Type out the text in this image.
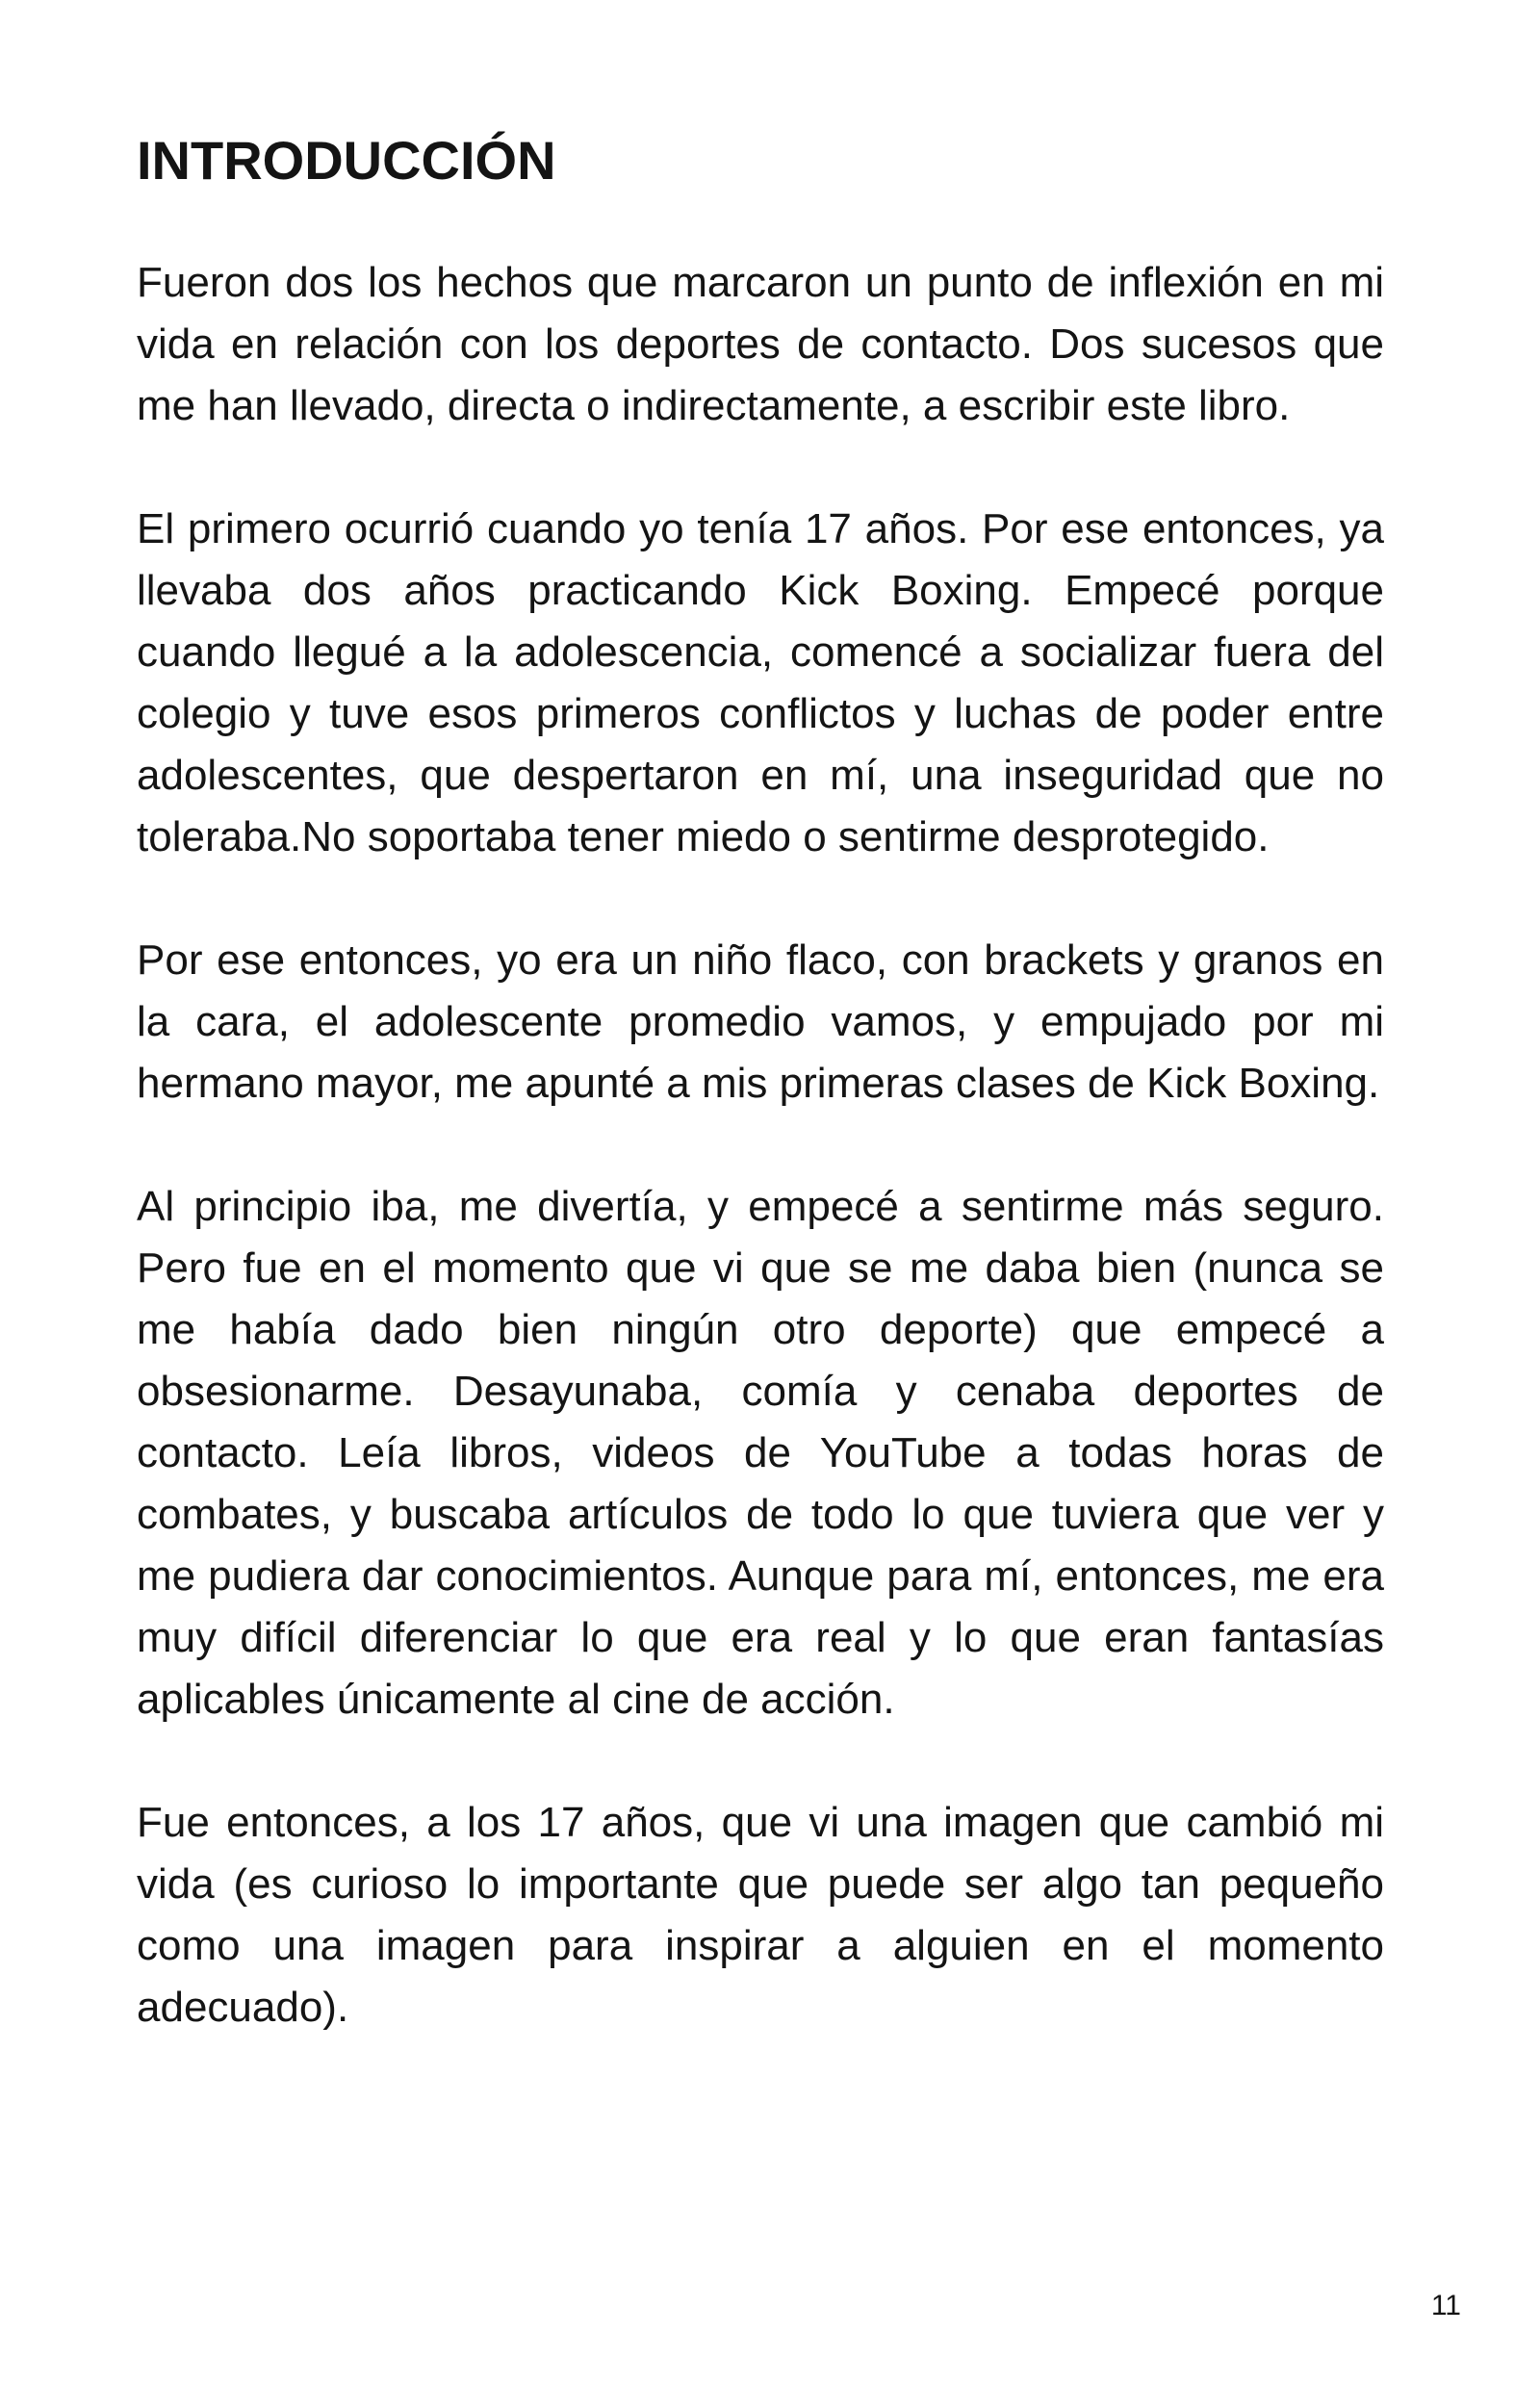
INTRODUCCIÓN

Fueron dos los hechos que marcaron un punto de inflexión en mi vida en relación con los deportes de contacto. Dos sucesos que me han llevado, directa o indirectamente, a escribir este libro.

El primero ocurrió cuando yo tenía 17 años. Por ese entonces, ya llevaba dos años practicando Kick Boxing. Empecé porque cuando llegué a la adolescencia, comencé a socializar fuera del colegio y tuve esos primeros conflictos y luchas de poder entre adolescentes, que despertaron en mí, una inseguridad que no toleraba.No soportaba tener miedo o sentirme desprotegido.

Por ese entonces, yo era un niño flaco, con brackets y granos en la cara, el adolescente promedio vamos, y empujado por mi hermano mayor, me apunté a mis primeras clases de Kick Boxing.

Al principio iba, me divertía, y empecé a sentirme más seguro. Pero fue en el momento que vi que se me daba bien (nunca se me había dado bien ningún otro deporte) que empecé a obsesionarme. Desayunaba, comía y cenaba deportes de contacto. Leía libros, videos de YouTube a todas horas de combates, y buscaba artículos de todo lo que tuviera que ver y me pudiera dar conocimientos. Aunque para mí, entonces, me era muy difícil diferenciar lo que era real y lo que eran fantasías aplicables únicamente al cine de acción.

Fue entonces, a los 17 años, que vi una imagen que cambió mi vida (es curioso lo importante que puede ser algo tan pequeño como una imagen para inspirar a alguien en el momento adecuado).

11
